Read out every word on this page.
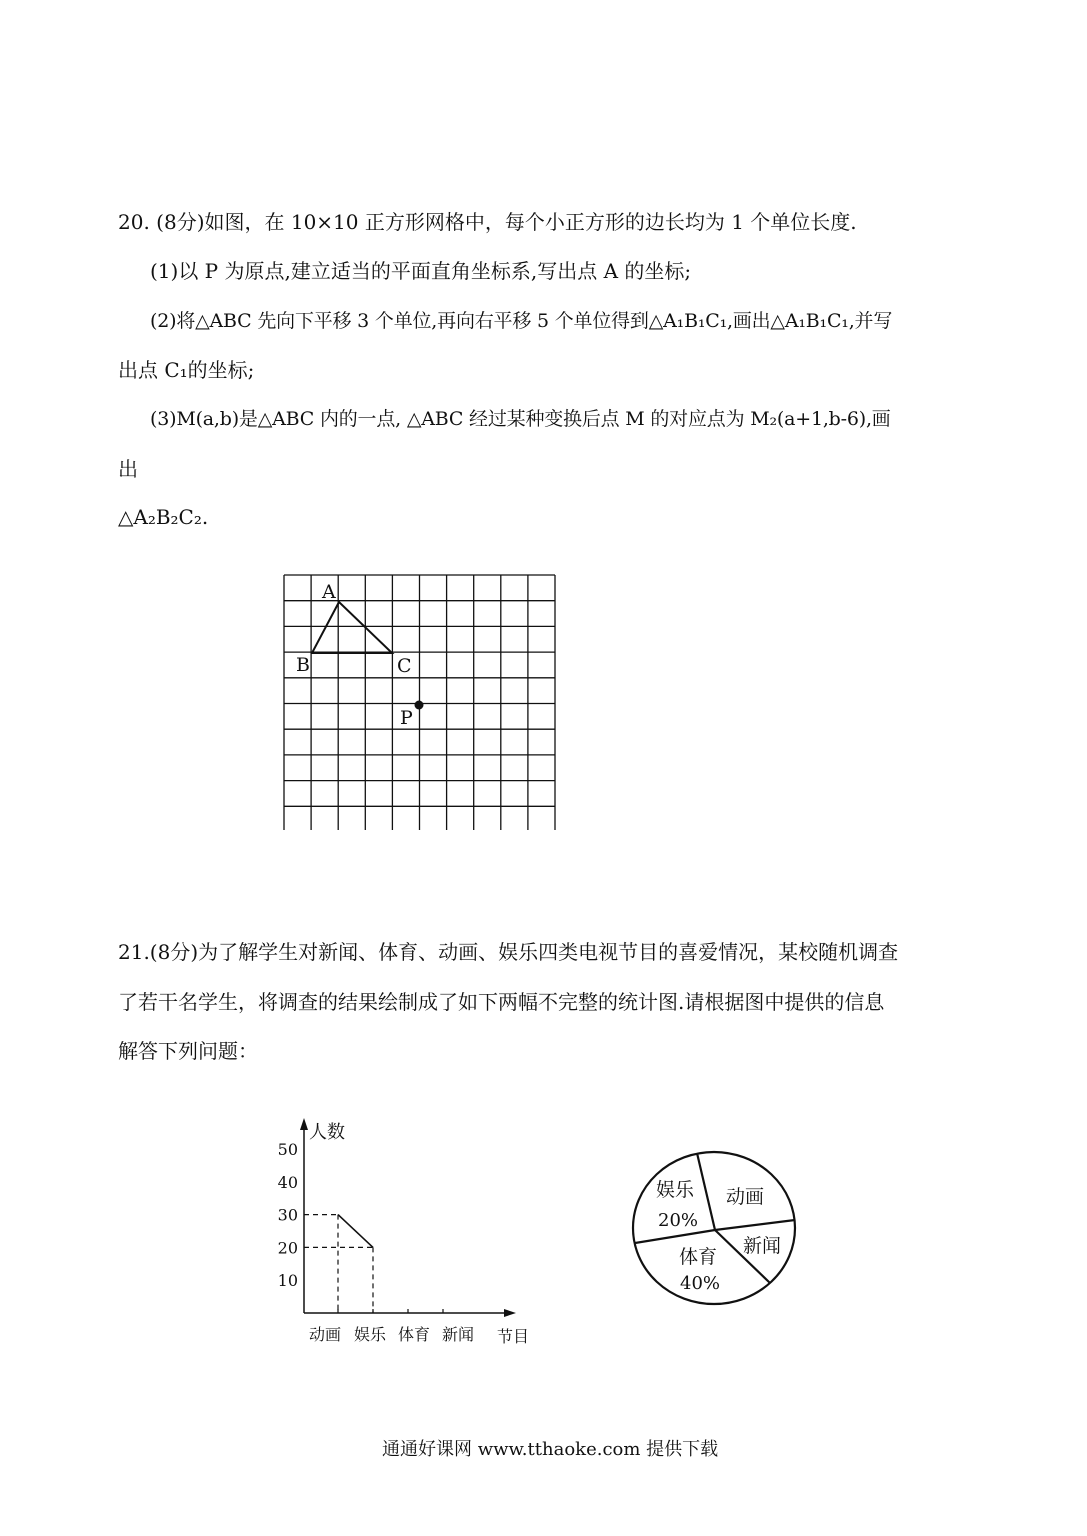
20. (8分)如图，在 10×10 正方形网格中，每个小正方形的边长均为 1 个单位长度.
(1)以 P 为原点,建立适当的平面直角坐标系,写出点 A 的坐标;
(2)将△ABC 先向下平移 3 个单位,再向右平移 5 个单位得到△A₁B₁C₁,画出△A₁B₁C₁,并写
出点 C₁的坐标;
(3)M(a,b)是△ABC 内的一点, △ABC 经过某种变换后点 M 的对应点为 M₂(a+1,b-6),画
出
△A₂B₂C₂.
A
B	C
P
21.(8分)为了解学生对新闻、体育、动画、娱乐四类电视节目的喜爱情况，某校随机调查
了若干名学生，将调查的结果绘制成了如下两幅不完整的统计图.请根据图中提供的信息
解答下列问题：
10
20
30
40
50
动画 娱乐 体育 新闻
人数
节目
娱乐
20%
动画
新闻
体育
40%
通通好课网 www.tthaoke.com 提供下载
